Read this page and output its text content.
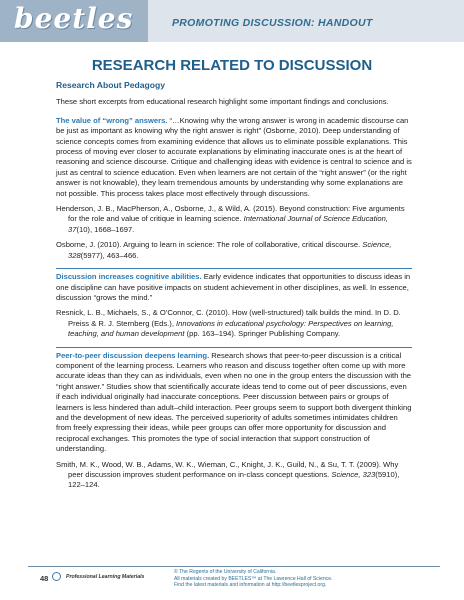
beetles	PROMOTING DISCUSSION: HANDOUT
RESEARCH RELATED TO DISCUSSION

Research About Pedagogy

These short excerpts from educational research highlight some important findings and conclusions.

The value of “wrong” answers. “…Knowing why the wrong answer is wrong in academic discourse can be just as important as knowing why the right answer is right” (Osborne, 2010). Deep understanding of science concepts comes from examining evidence that allows us to eliminate possible explanations. This process of moving ever closer to accurate explanations by eliminating inaccurate ones is at the heart of reasoning and science discourse. Critique and challenging ideas with evidence is central to science and is just as central to science education. Even when learners are not certain of the “right answer” (or the right answer is not knowable), they learn tremendous amounts by understanding why some explanations are not possible. This process takes place most effectively through discussions.

Henderson, J. B., MacPherson, A., Osborne, J., & Wild, A. (2015). Beyond construction: Five arguments for the role and value of critique in learning science. International Journal of Science Education, 37(10), 1668–1697.

Osborne, J. (2010). Arguing to learn in science: The role of collaborative, critical discourse. Science, 328(5977), 463–466.

Discussion increases cognitive abilities. Early evidence indicates that opportunities to discuss ideas in one discipline can have positive impacts on student achievement in other disciplines, as well. In essence, discussion “grows the mind.”

Resnick, L. B., Michaels, S., & O’Connor, C. (2010). How (well-structured) talk builds the mind. In D. D. Preiss & R. J. Sternberg (Eds.), Innovations in educational psychology: Perspectives on learning, teaching, and human development (pp. 163–194). Springer Publishing Company.

Peer-to-peer discussion deepens learning. Research shows that peer-to-peer discussion is a critical component of the learning process. Learners who reason and discuss together often come up with more accurate ideas than they can as individuals, even when no one in the group enters the discussion with the “right answer.” Studies show that scientifically accurate ideas tend to come out of peer discussions, even if each individual originally had inaccurate conceptions. Peer discussion between pairs or groups of learners is less hindered than adult–child interaction. Peer groups seem to support both divergent thinking and the development of new ideas. The perceived superiority of adults sometimes intimidates children from freely expressing their ideas, while peer groups can offer more opportunity for discussion and reciprocal exchanges. This promotes the type of social interaction that support construction of understanding.

Smith, M. K., Wood, W. B., Adams, W. K., Wieman, C., Knight, J. K., Guild, N., & Su, T. T. (2009). Why peer discussion improves student performance on in-class concept questions. Science, 323(5910), 122–124.

48	Professional Learning Materials
© The Regents of the University of California.
All materials created by BEETLES™ at The Lawrence Hall of Science.
Find the latest materials and information at http://beetlesproject.org.
